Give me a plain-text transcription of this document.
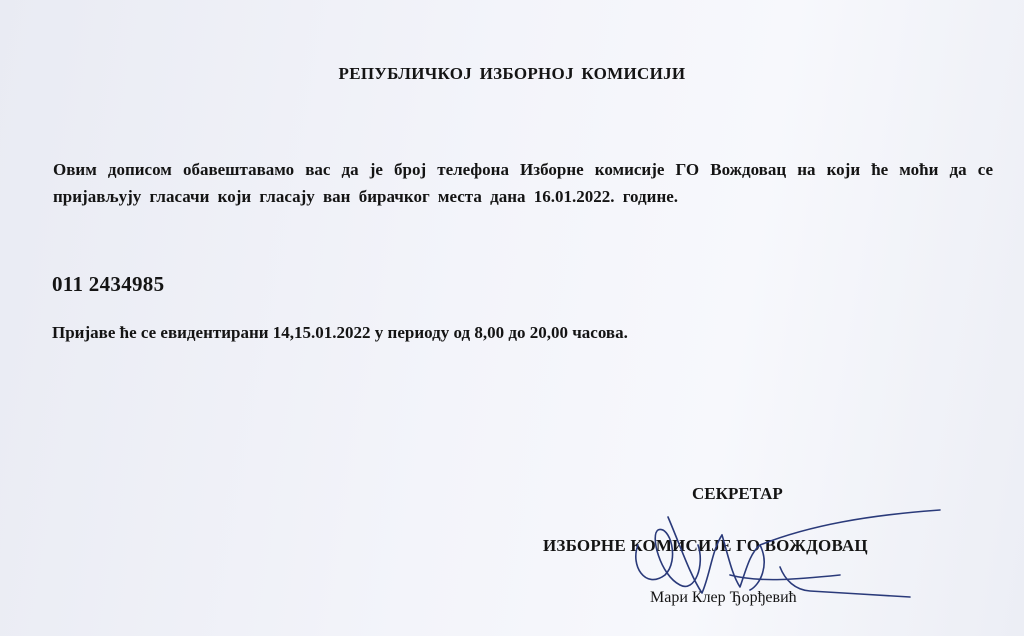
РЕПУБЛИЧКОЈ ИЗБОРНОЈ КОМИСИЈИ
Овим дописом обавештавамо вас да је број телефона Изборне комисије ГО Вождовац на који ће моћи да се пријављују гласачи који гласају ван бирачког места дана 16.01.2022. године.
011 2434985
Пријаве ће се евидентирани 14,15.01.2022 у периоду од 8,00 до 20,00 часова.
СЕКРЕТАР
ИЗБОРНЕ КОМИСИЈЕ ГО ВОЖДОВАЦ
Мари Клер Ђорђевић
